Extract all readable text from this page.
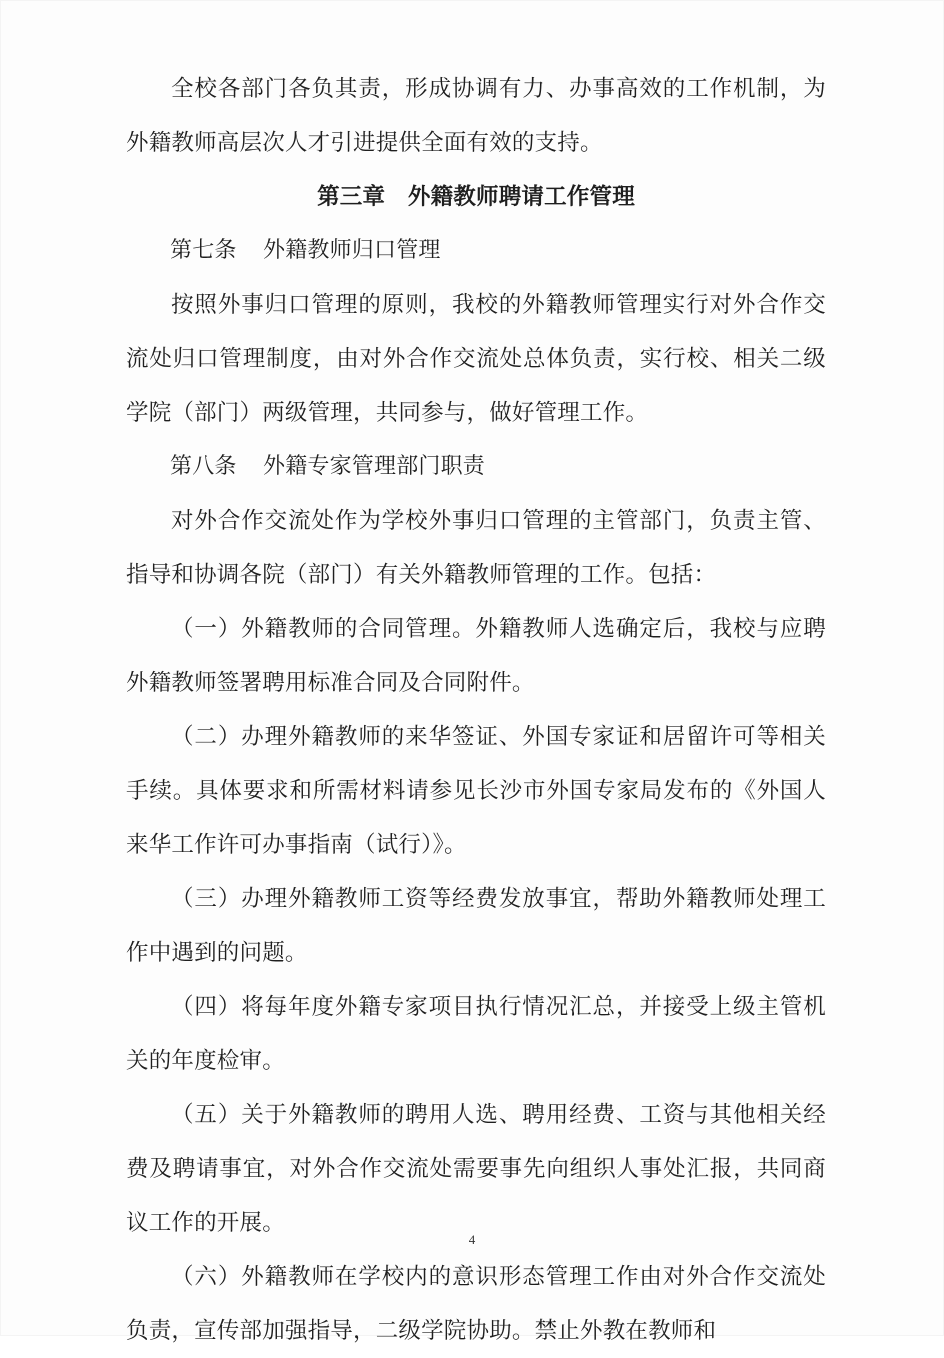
全校各部门各负其责，形成协调有力、办事高效的工作机制，为外籍教师高层次人才引进提供全面有效的支持。

第三章　外籍教师聘请工作管理

第七条 外籍教师归口管理

按照外事归口管理的原则，我校的外籍教师管理实行对外合作交流处归口管理制度，由对外合作交流处总体负责，实行校、相关二级学院（部门）两级管理，共同参与，做好管理工作。

第八条 外籍专家管理部门职责

对外合作交流处作为学校外事归口管理的主管部门，负责主管、指导和协调各院（部门）有关外籍教师管理的工作。包括：

（一）外籍教师的合同管理。外籍教师人选确定后，我校与应聘外籍教师签署聘用标准合同及合同附件。

（二）办理外籍教师的来华签证、外国专家证和居留许可等相关手续。具体要求和所需材料请参见长沙市外国专家局发布的《外国人来华工作许可办事指南（试行）》。

（三）办理外籍教师工资等经费发放事宜，帮助外籍教师处理工作中遇到的问题。

（四）将每年度外籍专家项目执行情况汇总，并接受上级主管机关的年度检审。

（五）关于外籍教师的聘用人选、聘用经费、工资与其他相关经费及聘请事宜，对外合作交流处需要事先向组织人事处汇报，共同商议工作的开展。

（六）外籍教师在学校内的意识形态管理工作由对外合作交流处负责，宣传部加强指导，二级学院协助。禁止外教在教师和

4
